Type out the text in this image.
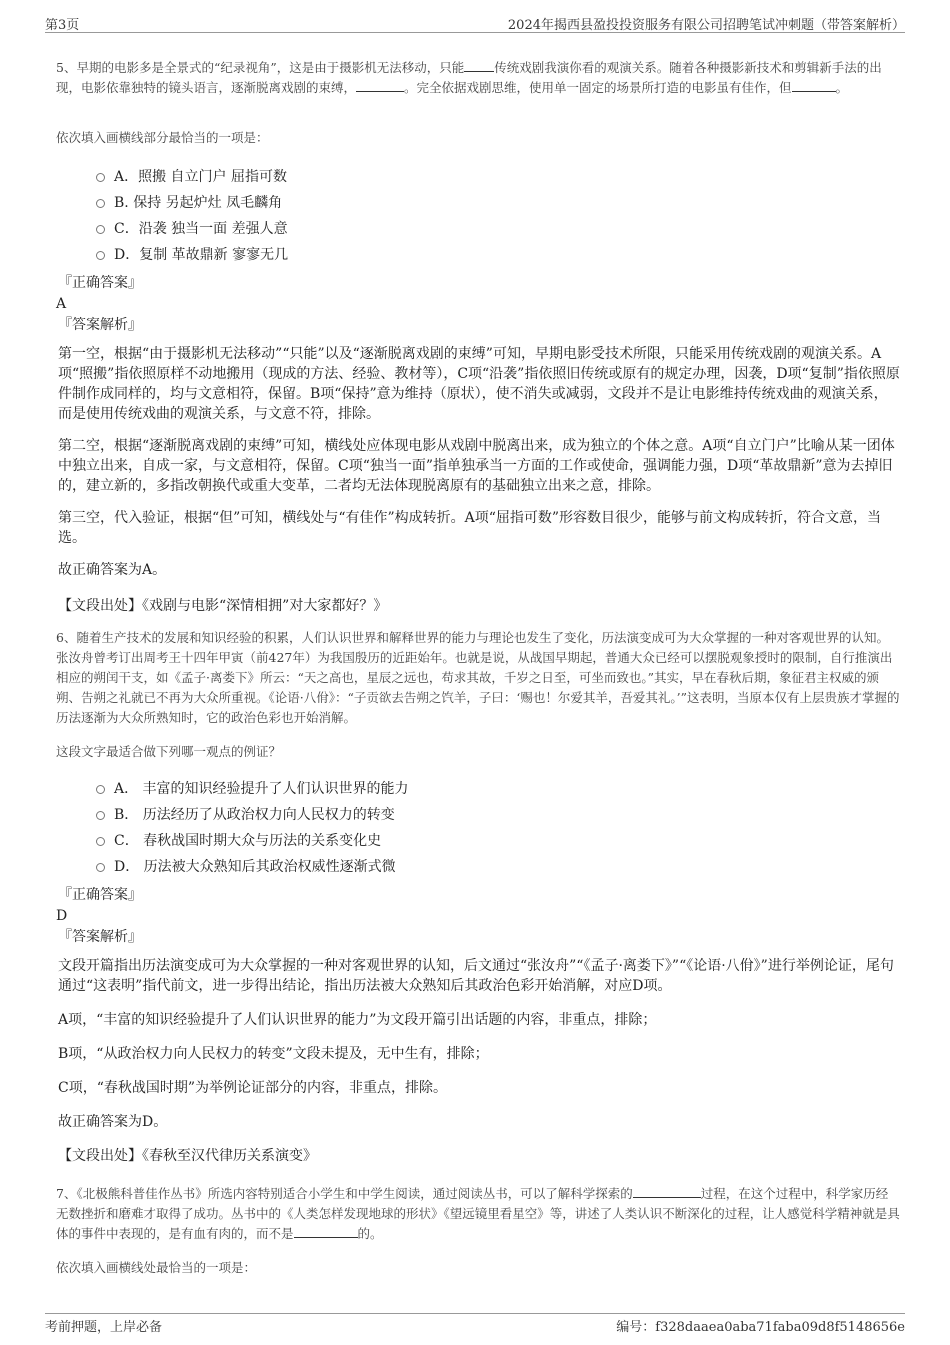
第3页	2024年揭西县盈投投资服务有限公司招聘笔试冲刺题（带答案解析）

5、早期的电影多是全景式的“纪录视角”，这是由于摄影机无法移动，只能 传统戏剧我演你看的观演关系。随着各种摄影新技术和剪辑新手法的出现，电影依靠独特的镜头语言，逐渐脱离戏剧的束缚，	。完全依据戏剧思维，使用单一固定的场景所打造的电影虽有佳作，但	。

依次填入画横线部分最恰当的一项是：

A．照搬 自立门户 屈指可数
B. 保持 另起炉灶 凤毛麟角
C．沿袭 独当一面 差强人意
D．复制 革故鼎新 寥寥无几

『正确答案』

A

『答案解析』

第一空，根据“由于摄影机无法移动”“只能”以及“逐渐脱离戏剧的束缚”可知，早期电影受技术所限，只能采用传统戏剧的观演关系。A项“照搬”指依照原样不动地搬用（现成的方法、经验、教材等），C项“沿袭”指依照旧传统或原有的规定办理，因袭，D项“复制”指依照原件制作成同样的，均与文意相符，保留。B项“保持”意为维持（原状），使不消失或减弱，文段并不是让电影维持传统戏曲的观演关系，而是使用传统戏曲的观演关系，与文意不符，排除。

第二空，根据“逐渐脱离戏剧的束缚”可知，横线处应体现电影从戏剧中脱离出来，成为独立的个体之意。A项“自立门户”比喻从某一团体中独立出来，自成一家，与文意相符，保留。C项“独当一面”指单独承当一方面的工作或使命，强调能力强，D项“革故鼎新”意为去掉旧的，建立新的，多指改朝换代或重大变革，二者均无法体现脱离原有的基础独立出来之意，排除。

第三空，代入验证，根据“但”可知，横线处与“有佳作”构成转折。A项“屈指可数”形容数目很少，能够与前文构成转折，符合文意，当选。

故正确答案为A。

【文段出处】《戏剧与电影“深情相拥”对大家都好？》

6、随着生产技术的发展和知识经验的积累，人们认识世界和解释世界的能力与理论也发生了变化，历法演变成可为大众掌握的一种对客观世界的认知。张汝舟曾考订出周考王十四年甲寅（前427年）为我国殷历的近距始年。也就是说，从战国早期起，普通大众已经可以摆脱观象授时的限制，自行推演出相应的朔闰干支，如《孟子·离娄下》所云：“天之高也，星辰之远也，苟求其故，千岁之日至，可坐而致也。”其实，早在春秋后期，象征君主权威的颁朔、告朔之礼就已不再为大众所重视。《论语·八佾》：“子贡欲去告朔之饩羊，子曰：‘赐也！尔爱其羊，吾爱其礼。’”这表明，当原本仅有上层贵族才掌握的历法逐渐为大众所熟知时，它的政治色彩也开始消解。

这段文字最适合做下列哪一观点的例证？

A． 丰富的知识经验提升了人们认识世界的能力
B． 历法经历了从政治权力向人民权力的转变
C． 春秋战国时期大众与历法的关系变化史
D． 历法被大众熟知后其政治权威性逐渐式微

『正确答案』

D

『答案解析』

文段开篇指出历法演变成可为大众掌握的一种对客观世界的认知，后文通过“张汝舟”“《孟子·离娄下》”“《论语·八佾》”进行举例论证，尾句通过“这表明”指代前文，进一步得出结论，指出历法被大众熟知后其政治色彩开始消解，对应D项。

A项，“丰富的知识经验提升了人们认识世界的能力”为文段开篇引出话题的内容，非重点，排除；

B项，“从政治权力向人民权力的转变”文段未提及，无中生有，排除；

C项，“春秋战国时期”为举例论证部分的内容，非重点，排除。

故正确答案为D。

【文段出处】《春秋至汉代律历关系演变》

7、《北极熊科普佳作丛书》所选内容特别适合小学生和中学生阅读，通过阅读丛书，可以了解科学探索的	过程，在这个过程中，科学家历经无数挫折和磨难才取得了成功。丛书中的《人类怎样发现地球的形状》《望远镜里看星空》等，讲述了人类认识不断深化的过程，让人感觉科学精神就是具体的事件中表现的，是有血有肉的，而不是	的。

依次填入画横线处最恰当的一项是：

考前押题，上岸必备	编号：f328daaea0aba71faba09d8f5148656e
